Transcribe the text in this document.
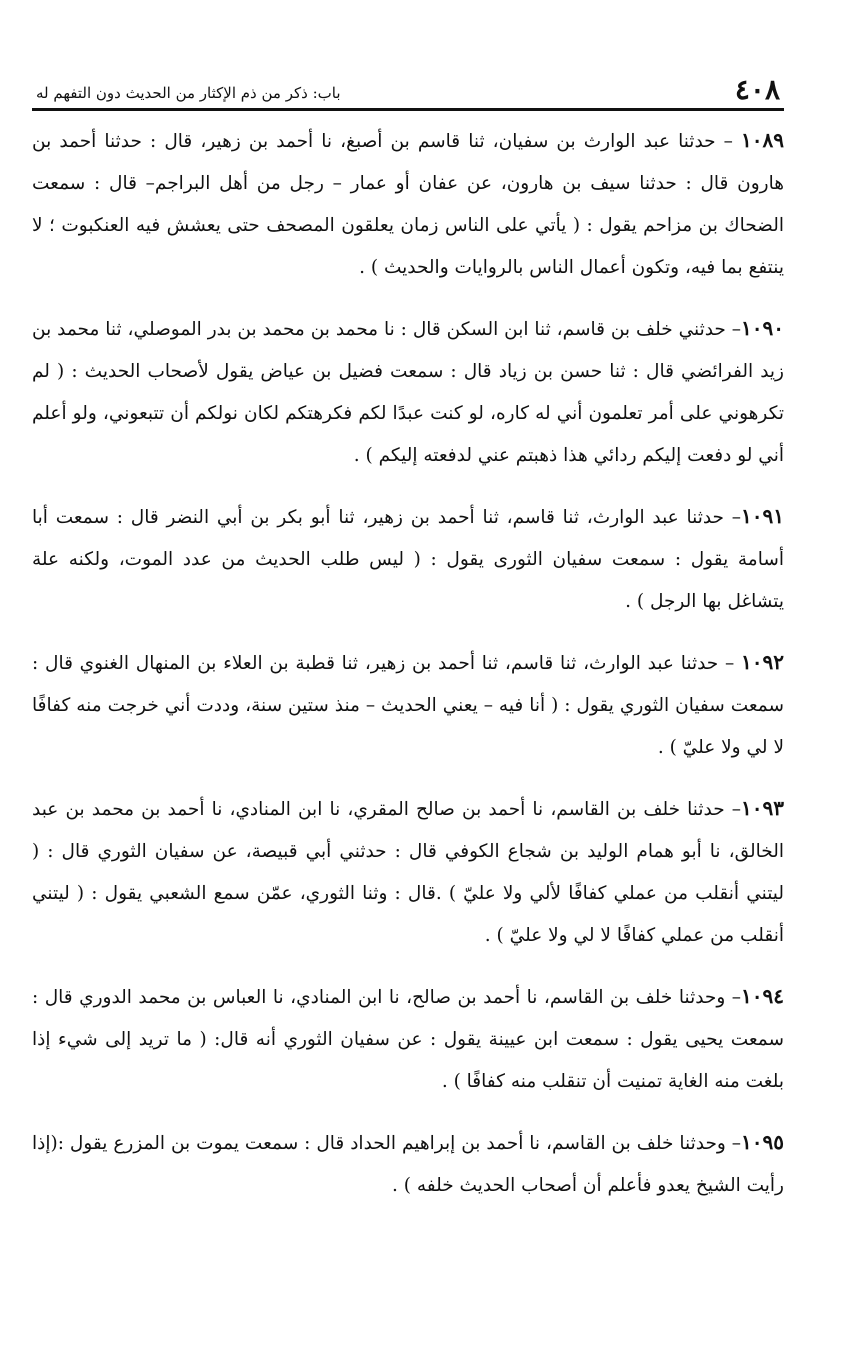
٤٠٨
باب: ذكر من ذم الإكثار من الحديث دون التفهم له

١٠٨٩ – حدثنا عبد الوارث بن سفيان، ثنا قاسم بن أصبغ، نا أحمد بن زهير، قال : حدثنا أحمد بن هارون قال : حدثنا سيف بن هارون، عن عفان أو عمار – رجل من أهل البراجم– قال : سمعت الضحاك بن مزاحم يقول : ( يأتي على الناس زمان يعلقون المصحف حتى يعشش فيه العنكبوت ؛ لا ينتفع بما فيه، وتكون أعمال الناس بالروايات والحديث ) .

١٠٩٠– حدثني خلف بن قاسم، ثنا ابن السكن قال : نا محمد بن محمد بن بدر الموصلي، ثنا محمد بن زيد الفرائضي قال : ثنا حسن بن زياد قال : سمعت فضيل بن عياض يقول لأصحاب الحديث : ( لم تكرهوني على أمر تعلمون أني له كاره، لو كنت عبدًا لكم فكرهتكم لكان نولكم أن تتبعوني، ولو أعلم أني لو دفعت إليكم ردائي هذا ذهبتم عني لدفعته إليكم ) .

١٠٩١– حدثنا عبد الوارث، ثنا قاسم، ثنا أحمد بن زهير، ثنا أبو بكر بن أبي النضر قال : سمعت أبا أسامة يقول : سمعت سفيان الثورى يقول : ( ليس طلب الحديث من عدد الموت، ولكنه علة يتشاغل بها الرجل ) .

١٠٩٢ – حدثنا عبد الوارث، ثنا قاسم، ثنا أحمد بن زهير، ثنا قطبة بن العلاء بن المنهال الغنوي قال : سمعت سفيان الثوري يقول : ( أنا فيه – يعني الحديث – منذ ستين سنة، وددت أني خرجت منه كفافًا لا لي ولا عليّ ) .

١٠٩٣– حدثنا خلف بن القاسم، نا أحمد بن صالح المقري، نا ابن المنادي، نا أحمد بن محمد بن عبد الخالق، نا أبو همام الوليد بن شجاع الكوفي قال : حدثني أبي قبيصة، عن سفيان الثوري قال : ( ليتني أنقلب من عملي كفافًا لألي ولا عليّ ) .قال : وثنا الثوري، عمّن سمع الشعبي يقول : ( ليتني أنقلب من عملي كفافًا لا لي ولا عليّ ) .

١٠٩٤– وحدثنا خلف بن القاسم، نا أحمد بن صالح، نا ابن المنادي، نا العباس بن محمد الدوري قال : سمعت يحيى يقول : سمعت ابن عيينة يقول : عن سفيان الثوري أنه قال: ( ما تريد إلى شيء إذا بلغت منه الغاية تمنيت أن تنقلب منه كفافًا ) .

١٠٩٥– وحدثنا خلف بن القاسم، نا أحمد بن إبراهيم الحداد قال : سمعت يموت بن المزرع يقول :(إذا رأيت الشيخ يعدو فأعلم أن أصحاب الحديث خلفه ) .
